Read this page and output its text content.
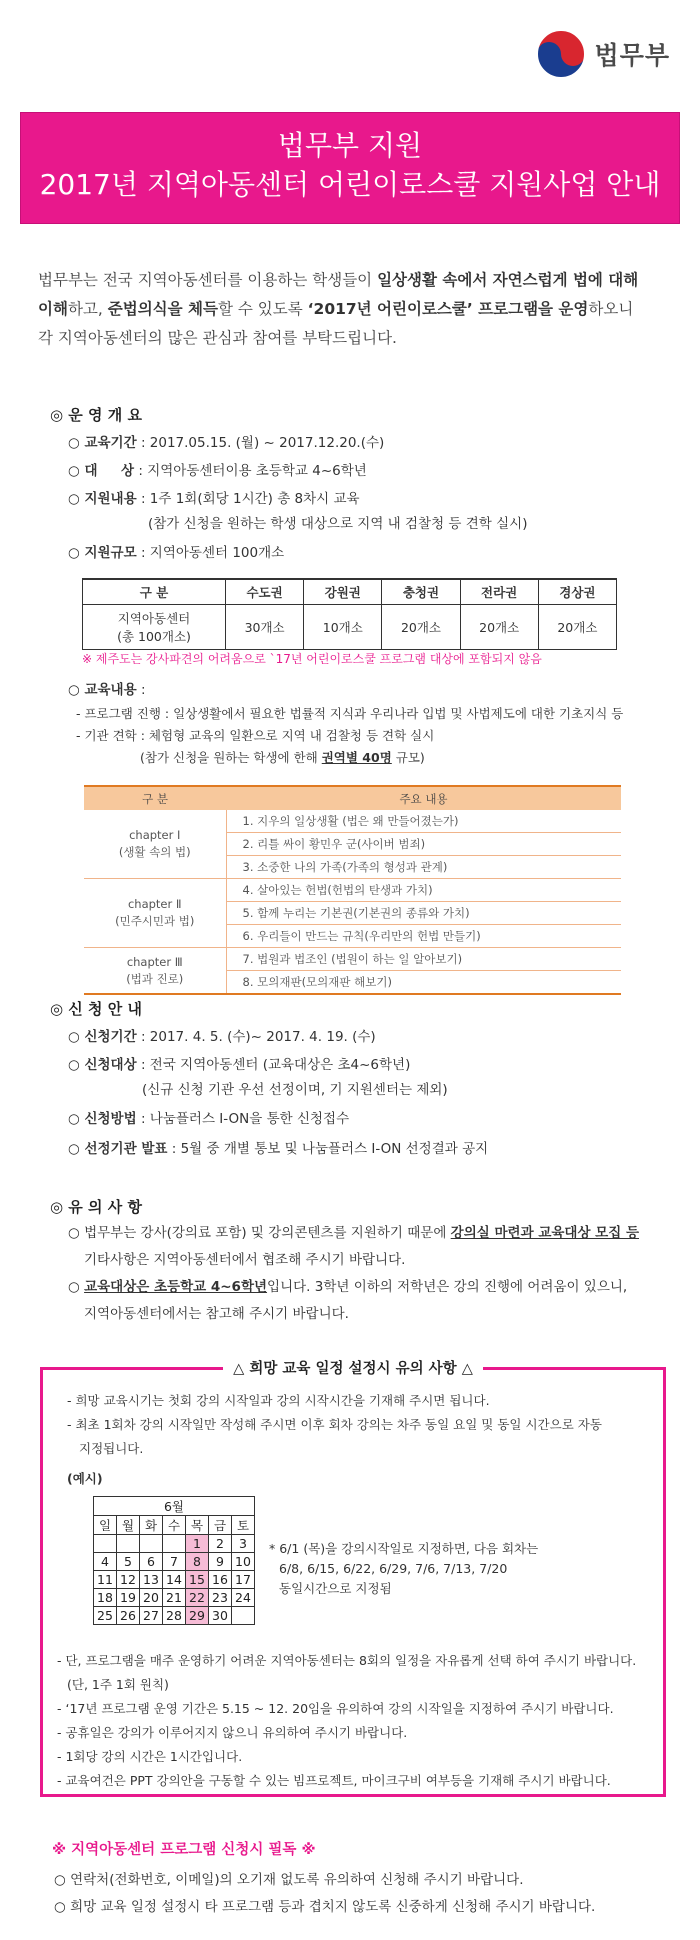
법무부
법무부 지원
2017년 지역아동센터 어린이로스쿨 지원사업 안내
법무부는 전국 지역아동센터를 이용하는 학생들이 일상생활 속에서 자연스럽게 법에 대해
이해하고, 준법의식을 체득할 수 있도록 ‘2017년 어린이로스쿨’ 프로그램을 운영하오니
각 지역아동센터의 많은 관심과 참여를 부탁드립니다.
◎ 운 영 개 요
○ 교육기간 : 2017.05.15. (월) ~ 2017.12.20.(수)
○ 대     상 : 지역아동센터이용 초등학교 4~6학년
○ 지원내용 : 1주 1회(회당 1시간) 총 8차시 교육
(참가 신청을 원하는 학생 대상으로 지역 내 검찰청 등 견학 실시)
○ 지원규모 : 지역아동센터 100개소
구 분	수도권	강원권	충청권	전라권	경상권

지역아동센터
(총 100개소)	30개소	10개소	20개소	20개소	20개소
※ 제주도는 강사파견의 어려움으로 `17년 어린이로스쿨 프로그램 대상에 포함되지 않음
○ 교육내용 :
- 프로그램 진행 : 일상생활에서 필요한 법률적 지식과 우리나라 입법 및 사법제도에 대한 기초지식 등
- 기관 견학 : 체험형 교육의 일환으로 지역 내 검찰청 등 견학 실시
(참가 신청을 원하는 학생에 한해 권역별 40명 규모)
구 분	주요 내용

chapter Ⅰ
(생활 속의 법)	1. 지우의 일상생활 (법은 왜 만들어졌는가)
	2. 리틀 싸이 황민우 군(사이버 범죄)
	3. 소중한 나의 가족(가족의 형성과 관계)

chapter Ⅱ
(민주시민과 법)	4. 살아있는 헌법(헌법의 탄생과 가치)
	5. 함께 누리는 기본권(기본권의 종류와 가치)
	6. 우리들이 만드는 규칙(우리만의 헌법 만들기)

chapter Ⅲ
(법과 진로)	7. 법원과 법조인 (법원이 하는 일 알아보기)
	8. 모의재판(모의재판 해보기)
◎ 신 청 안 내
○ 신청기간 : 2017. 4. 5. (수)~ 2017. 4. 19. (수)
○ 신청대상 : 전국 지역아동센터 (교육대상은 초4~6학년)
(신규 신청 기관 우선 선정이며, 기 지원센터는 제외)
○ 신청방법 : 나눔플러스 I-ON을 통한 신청접수
○ 선정기관 발표 : 5월 중 개별 통보 및 나눔플러스 I-ON 선정결과 공지
◎ 유 의 사 항
○ 법무부는 강사(강의료 포함) 및 강의콘텐츠를 지원하기 때문에 강의실 마련과 교육대상 모집 등
기타사항은 지역아동센터에서 협조해 주시기 바랍니다.
○ 교육대상은 초등학교 4~6학년입니다. 3학년 이하의 저학년은 강의 진행에 어려움이 있으니,
지역아동센터에서는 참고해 주시기 바랍니다.
△ 희망 교육 일정 설정시 유의 사항 △
- 희망 교육시기는 첫회 강의 시작일과 강의 시작시간을 기재해 주시면 됩니다.
- 최초 1회차 강의 시작일만 작성해 주시면 이후 회차 강의는 차주 동일 요일 및 동일 시간으로 자동
지정됩니다.
(예시)
6월						
일	월	화	수	목	금	토
				1	2	3
4	5	6	7	8	9	10
11	12	13	14	15	16	17
18	19	20	21	22	23	24
25	26	27	28	29	30	
* 6/1 (목)을 강의시작일로 지정하면, 다음 회차는
6/8, 6/15, 6/22, 6/29, 7/6, 7/13, 7/20
동일시간으로 지정됨
- 단, 프로그램을 매주 운영하기 어려운 지역아동센터는 8회의 일정을 자유롭게 선택 하여 주시기 바랍니다.
(단, 1주 1회 원칙)
- ‘17년 프로그램 운영 기간은 5.15 ~ 12. 20임을 유의하여 강의 시작일을 지정하여 주시기 바랍니다.
- 공휴일은 강의가 이루어지지 않으니 유의하여 주시기 바랍니다.
- 1회당 강의 시간은 1시간입니다.
- 교육여건은 PPT 강의안을 구동할 수 있는 빔프로젝트, 마이크구비 여부등을 기재해 주시기 바랍니다.
※ 지역아동센터 프로그램 신청시 필독 ※
○ 연락처(전화번호, 이메일)의 오기재 없도록 유의하여 신청해 주시기 바랍니다.
○ 희망 교육 일정 설정시 타 프로그램 등과 겹치지 않도록 신중하게 신청해 주시기 바랍니다.
